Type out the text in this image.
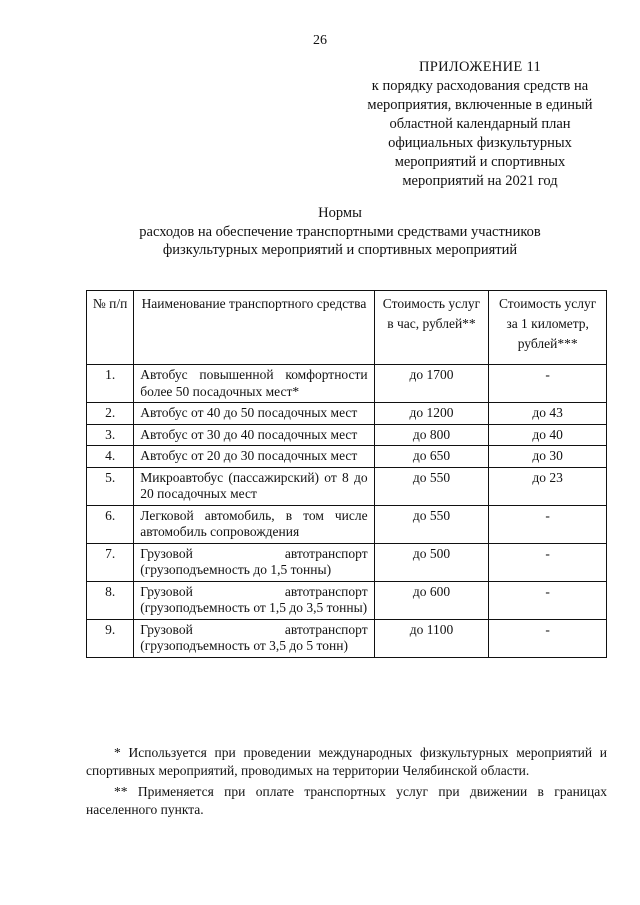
26
ПРИЛОЖЕНИЕ 11
к порядку расходования средств на
мероприятия, включенные в единый
областной календарный план
официальных физкультурных
мероприятий и спортивных
мероприятий на 2021 год
Нормы
расходов на обеспечение транспортными средствами участников
физкультурных мероприятий и спортивных мероприятий
№ п/п	Наименование транспортного средства	Стоимость услуг в час, рублей**	Стоимость услуг за 1 километр, рублей***
1.	Автобус повышенной комфортности более 50 посадочных мест*	до 1700	-
2.	Автобус от 40 до 50 посадочных мест	до 1200	до 43
3.	Автобус от 30 до 40 посадочных мест	до 800	до 40
4.	Автобус от 20 до 30 посадочных мест	до 650	до 30
5.	Микроавтобус (пассажирский) от 8 до 20 посадочных мест	до 550	до 23
6.	Легковой автомобиль, в том числе автомобиль сопровождения	до 550	-
7.	Грузовой автотранспорт (грузоподъемность до 1,5 тонны)	до 500	-
8.	Грузовой автотранспорт (грузоподъемность от 1,5 до 3,5 тонны)	до 600	-
9.	Грузовой автотранспорт (грузоподъемность от 3,5 до 5 тонн)	до 1100	-

* Используется при проведении международных физкультурных мероприятий и спортивных мероприятий, проводимых на территории Челябинской области.

** Применяется при оплате транспортных услуг при движении в границах населенного пункта.
